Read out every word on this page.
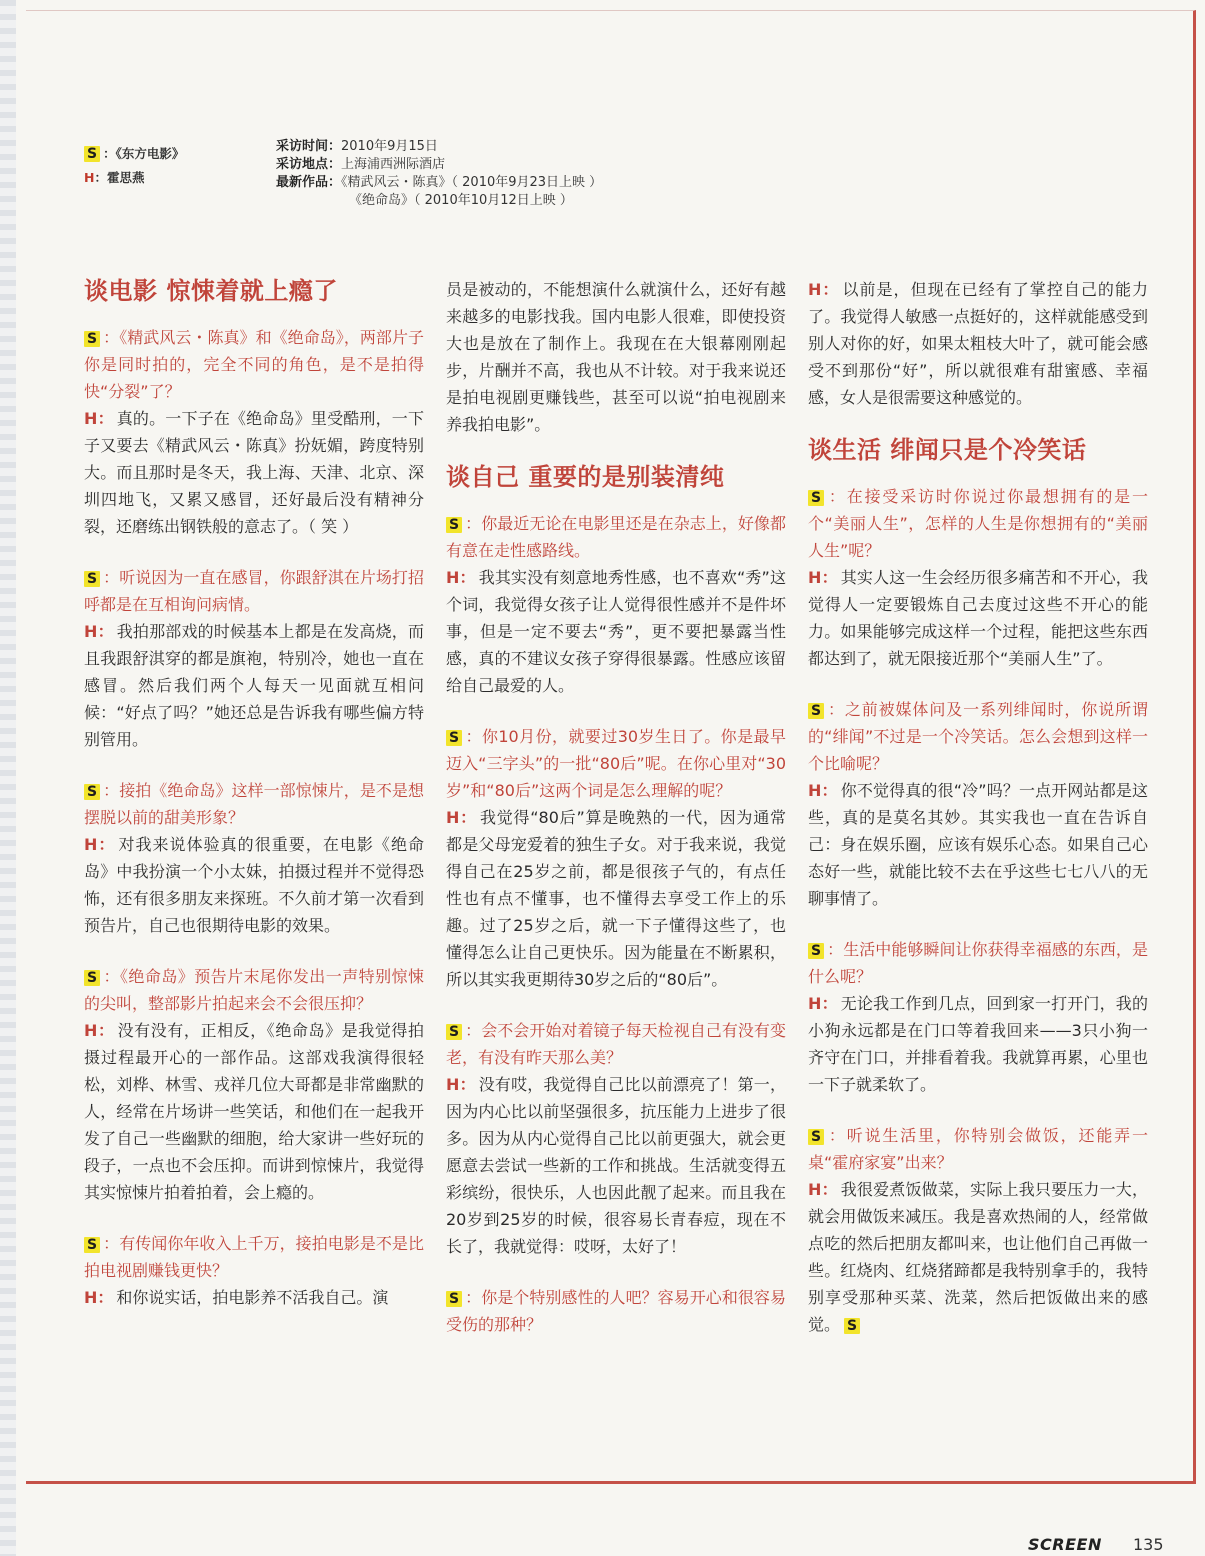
S ：《东方电影》
H：霍思燕
采访时间：2010年9月15日
采访地点：上海浦西洲际酒店
最新作品：《精武风云・陈真》（ 2010年9月23日上映 ）
《绝命岛》（ 2010年10月12日上映 ）
谈电影 惊悚着就上瘾了

S ：《精武风云・陈真》和《绝命岛》，两部片子你是同时拍的，完全不同的角色，是不是拍得快“分裂”了？

H： 真的。一下子在《绝命岛》里受酷刑，一下子又要去《精武风云・陈真》扮妩媚，跨度特别大。而且那时是冬天，我上海、天津、北京、深圳四地飞，又累又感冒，还好最后没有精神分裂，还磨练出钢铁般的意志了。（ 笑 ）

S ：听说因为一直在感冒，你跟舒淇在片场打招呼都是在互相询问病情。

H： 我拍那部戏的时候基本上都是在发高烧，而且我跟舒淇穿的都是旗袍，特别冷，她也一直在感冒。然后我们两个人每天一见面就互相问候：“好点了吗？”她还总是告诉我有哪些偏方特别管用。

S ：接拍《绝命岛》这样一部惊悚片，是不是想摆脱以前的甜美形象？

H： 对我来说体验真的很重要，在电影《绝命岛》中我扮演一个小太妹，拍摄过程并不觉得恐怖，还有很多朋友来探班。不久前才第一次看到预告片，自己也很期待电影的效果。

S ：《绝命岛》预告片末尾你发出一声特别惊悚的尖叫，整部影片拍起来会不会很压抑？

H： 没有没有，正相反，《绝命岛》是我觉得拍摄过程最开心的一部作品。这部戏我演得很轻松，刘桦、林雪、戎祥几位大哥都是非常幽默的人，经常在片场讲一些笑话，和他们在一起我开发了自己一些幽默的细胞，给大家讲一些好玩的段子，一点也不会压抑。而讲到惊悚片，我觉得其实惊悚片拍着拍着，会上瘾的。

S ：有传闻你年收入上千万，接拍电影是不是比拍电视剧赚钱更快？

H： 和你说实话，拍电影养不活我自己。演

员是被动的，不能想演什么就演什么，还好有越来越多的电影找我。国内电影人很难，即使投资大也是放在了制作上。我现在在大银幕刚刚起步，片酬并不高，我也从不计较。对于我来说还是拍电视剧更赚钱些，甚至可以说“拍电视剧来养我拍电影”。

谈自己 重要的是别装清纯

S ：你最近无论在电影里还是在杂志上，好像都有意在走性感路线。

H： 我其实没有刻意地秀性感，也不喜欢“秀”这个词，我觉得女孩子让人觉得很性感并不是件坏事，但是一定不要去“秀”，更不要把暴露当性感，真的不建议女孩子穿得很暴露。性感应该留给自己最爱的人。

S ：你10月份，就要过30岁生日了。你是最早迈入“三字头”的一批“80后”呢。在你心里对“30岁”和“80后”这两个词是怎么理解的呢？

H： 我觉得“80后”算是晚熟的一代，因为通常都是父母宠爱着的独生子女。对于我来说，我觉得自己在25岁之前，都是很孩子气的，有点任性也有点不懂事，也不懂得去享受工作上的乐趣。过了25岁之后，就一下子懂得这些了，也懂得怎么让自己更快乐。因为能量在不断累积，所以其实我更期待30岁之后的“80后”。

S ：会不会开始对着镜子每天检视自己有没有变老，有没有昨天那么美？

H： 没有哎，我觉得自己比以前漂亮了！第一，因为内心比以前坚强很多，抗压能力上进步了很多。因为从内心觉得自己比以前更强大，就会更愿意去尝试一些新的工作和挑战。生活就变得五彩缤纷，很快乐，人也因此靓了起来。而且我在20岁到25岁的时候，很容易长青春痘，现在不长了，我就觉得：哎呀，太好了！

S ：你是个特别感性的人吧？容易开心和很容易受伤的那种？

H： 以前是，但现在已经有了掌控自己的能力了。我觉得人敏感一点挺好的，这样就能感受到别人对你的好，如果太粗枝大叶了，就可能会感受不到那份“好”，所以就很难有甜蜜感、幸福感，女人是很需要这种感觉的。

谈生活 绯闻只是个冷笑话

S ：在接受采访时你说过你最想拥有的是一个“美丽人生”，怎样的人生是你想拥有的“美丽人生”呢？

H： 其实人这一生会经历很多痛苦和不开心，我觉得人一定要锻炼自己去度过这些不开心的能力。如果能够完成这样一个过程，能把这些东西都达到了，就无限接近那个“美丽人生”了。

S ：之前被媒体问及一系列绯闻时，你说所谓的“绯闻”不过是一个冷笑话。怎么会想到这样一个比喻呢？

H： 你不觉得真的很“冷”吗？一点开网站都是这些，真的是莫名其妙。其实我也一直在告诉自己：身在娱乐圈，应该有娱乐心态。如果自己心态好一些，就能比较不去在乎这些七七八八的无聊事情了。

S ：生活中能够瞬间让你获得幸福感的东西，是什么呢？

H： 无论我工作到几点，回到家一打开门，我的小狗永远都是在门口等着我回来——3只小狗一齐守在门口，并排看着我。我就算再累，心里也一下子就柔软了。

S ：听说生活里，你特别会做饭，还能弄一桌“霍府家宴”出来？

H： 我很爱煮饭做菜，实际上我只要压力一大，就会用做饭来减压。我是喜欢热闹的人，经常做点吃的然后把朋友都叫来，也让他们自己再做一些。红烧肉、红烧猪蹄都是我特别拿手的，我特别享受那种买菜、洗菜，然后把饭做出来的感觉。 S

SCREEN 135
